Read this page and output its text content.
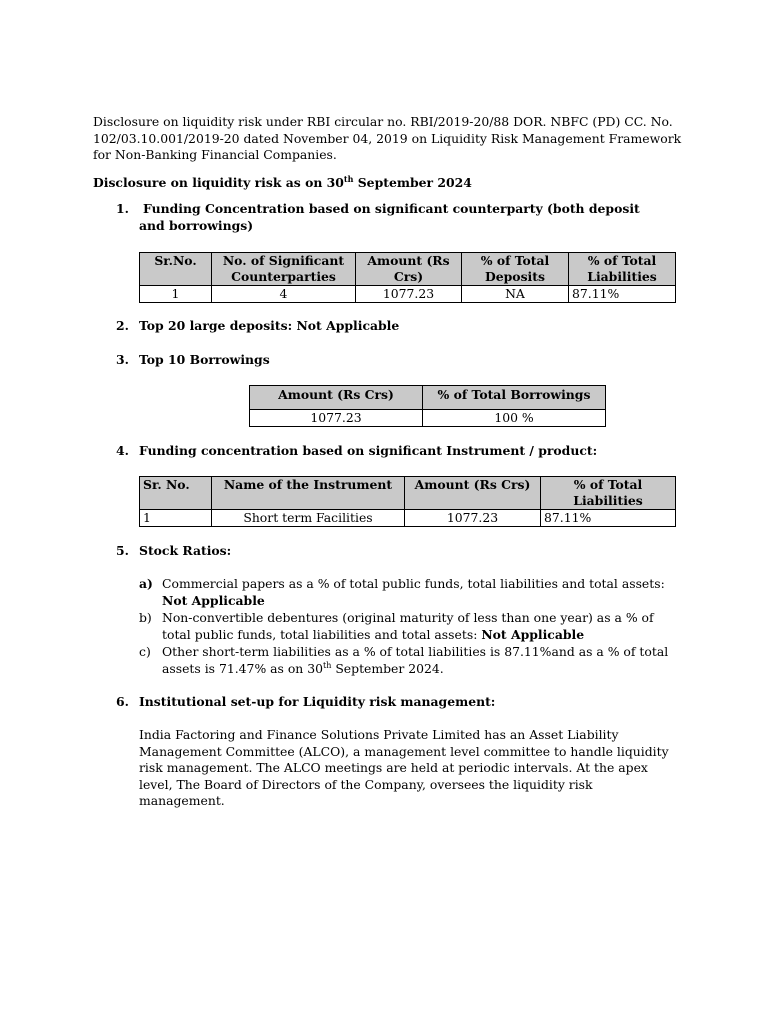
Disclosure on liquidity risk under RBI circular no. RBI/2019-20/88 DOR. NBFC (PD) CC. No. 102/03.10.001/2019-20 dated November 04, 2019 on Liquidity Risk Management Framework for Non-Banking Financial Companies.

Disclosure on liquidity risk as on 30th September 2024

1.	Funding Concentration based on significant counterparty (both deposit and borrowings)

Sr.No.	No. of Significant Counterparties	Amount (Rs Crs)	% of Total Deposits	% of Total Liabilities
1	4	1077.23	NA	87.11%
2. Top 20 large deposits: Not Applicable

3. Top 10 Borrowings

Amount (Rs Crs)	% of Total Borrowings
1077.23	100 %
4. Funding concentration based on significant Instrument / product:

Sr. No.	Name of the Instrument	Amount (Rs Crs)	% of Total Liabilities
1	Short term Facilities	1077.23	87.11%
5. Stock Ratios:

a) Commercial papers as a % of total public funds, total liabilities and total assets: Not Applicable

b) Non-convertible debentures (original maturity of less than one year) as a % of total public funds, total liabilities and total assets: Not Applicable

c) Other short-term liabilities as a % of total liabilities is 87.11%and as a % of total assets is 71.47% as on 30th September 2024.

6. Institutional set-up for Liquidity risk management:

India Factoring and Finance Solutions Private Limited has an Asset Liability Management Committee (ALCO), a management level committee to handle liquidity risk management. The ALCO meetings are held at periodic intervals. At the apex level, The Board of Directors of the Company, oversees the liquidity risk management.
